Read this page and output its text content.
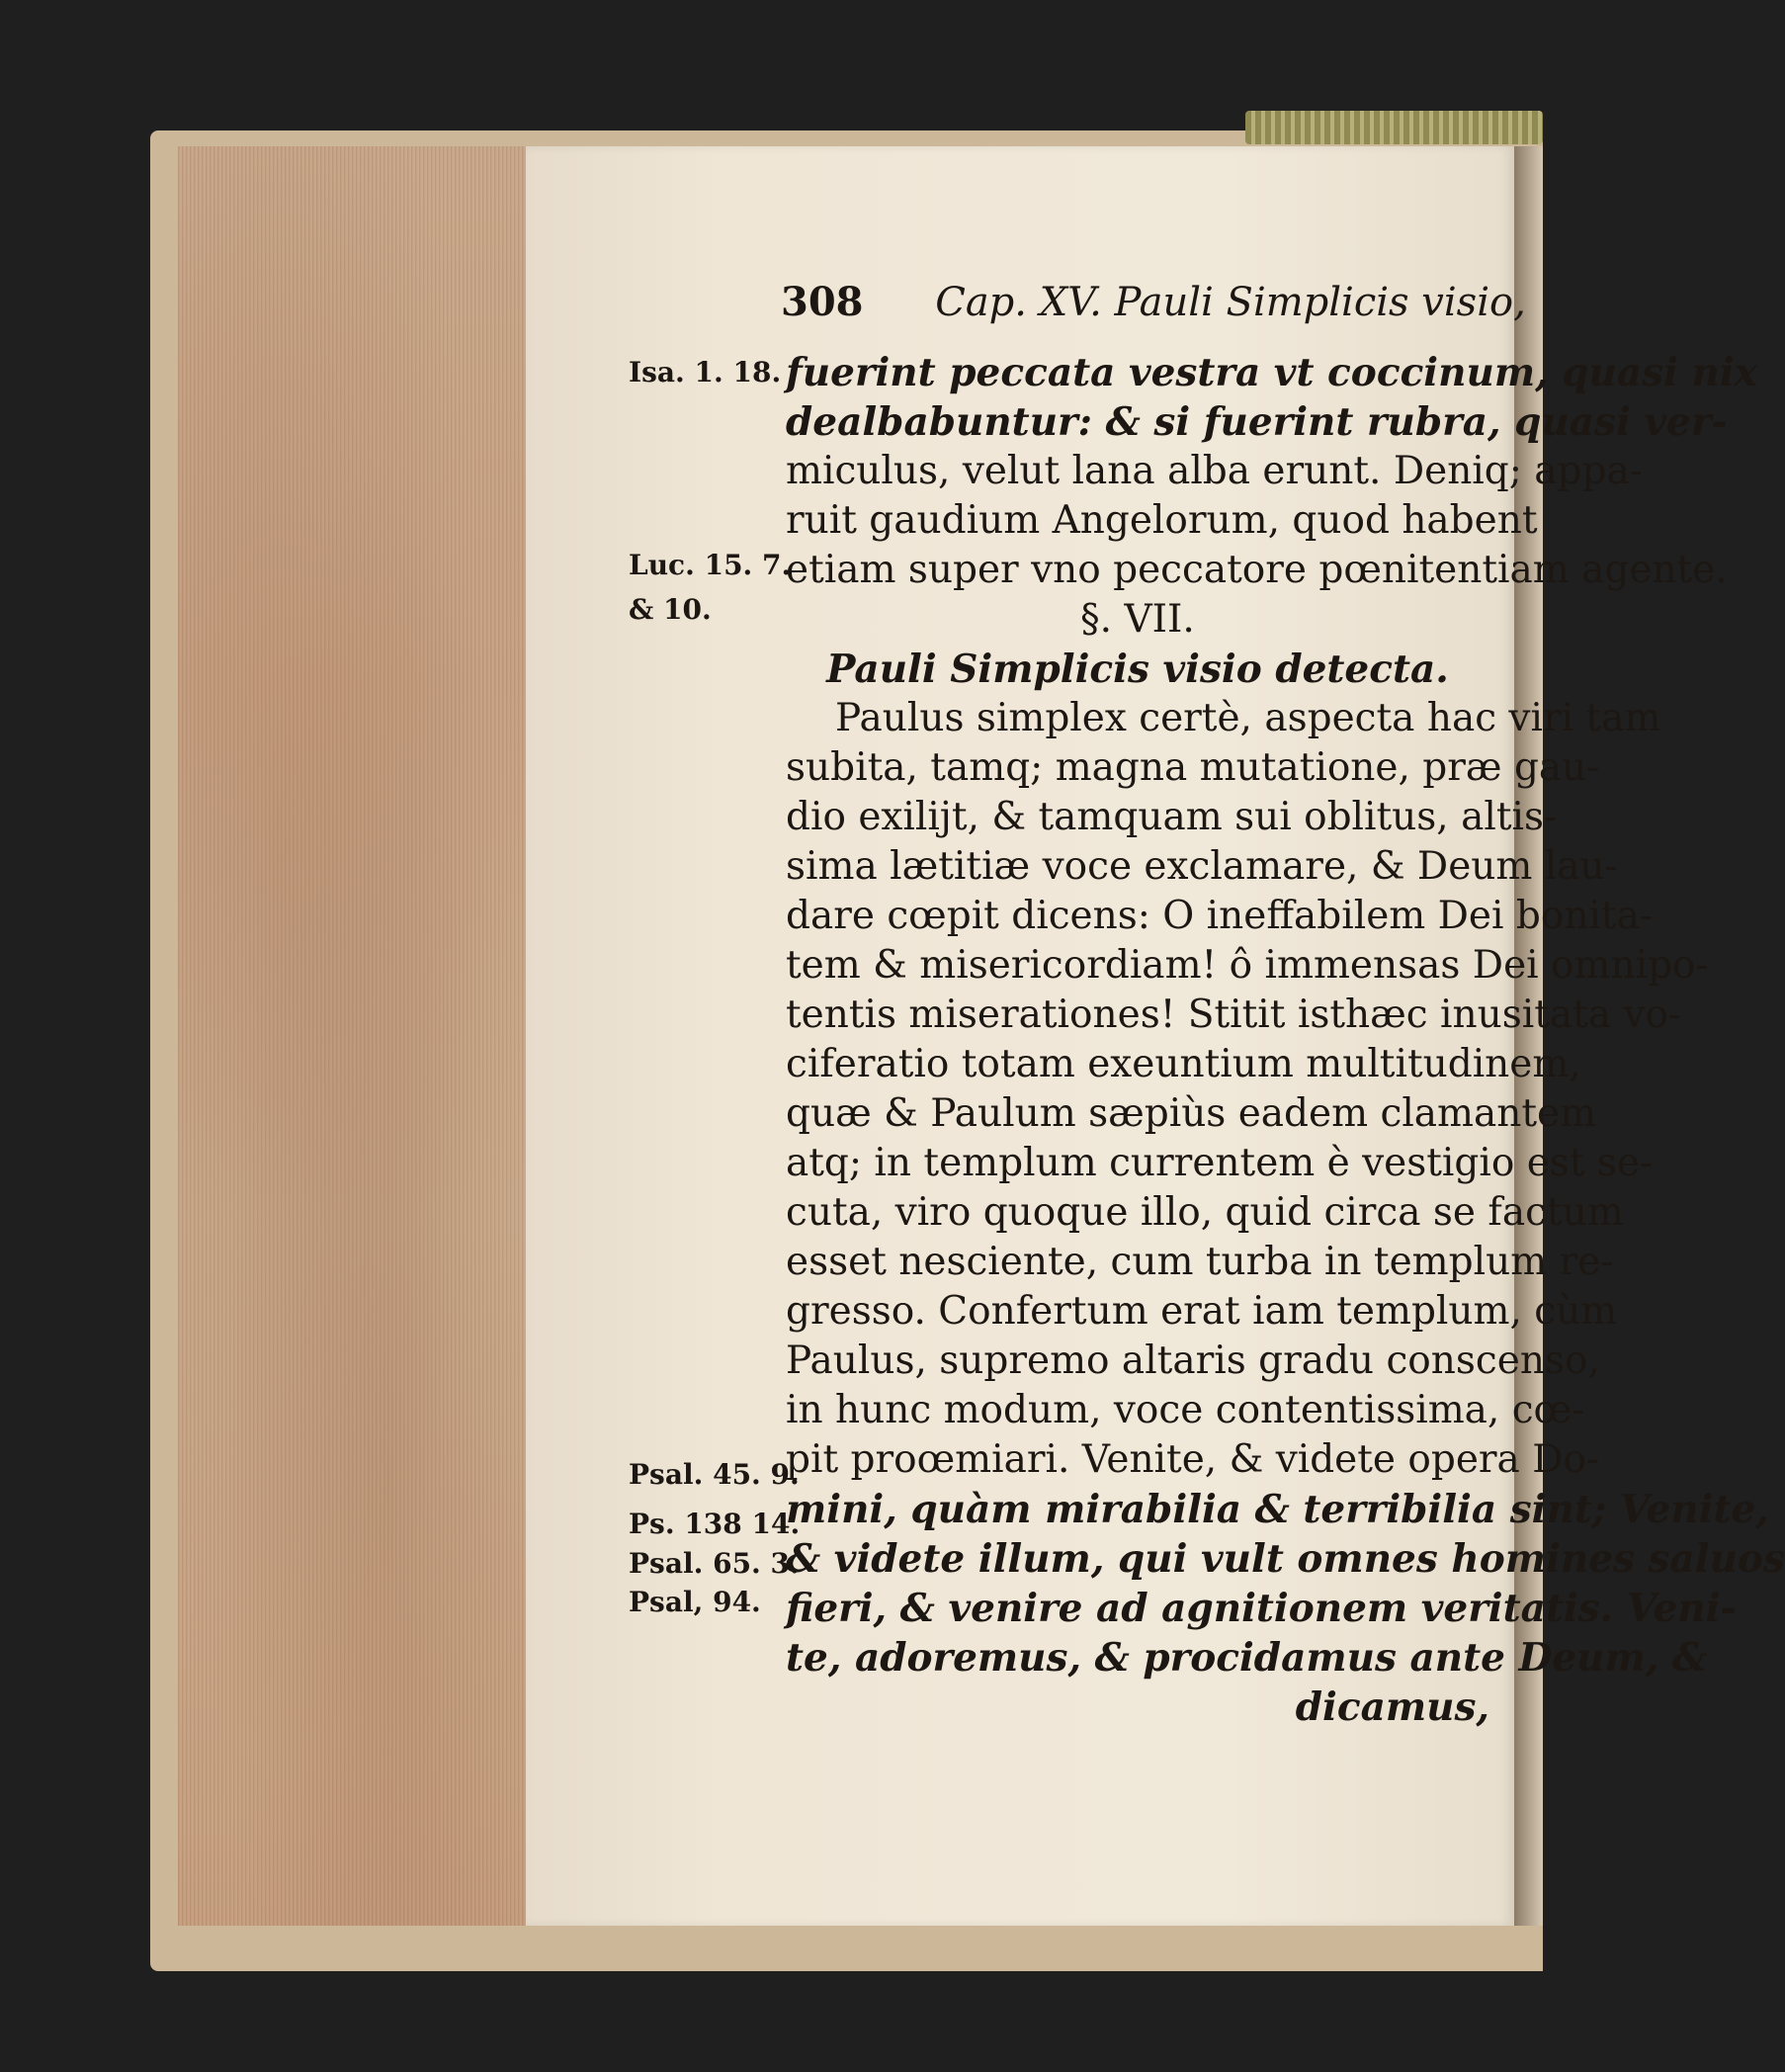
308 Cap. XV. Pauli Simplicis visio,
Isa. 1. 18.
Luc. 15. 7.
& 10.
Psal. 45. 9.
Ps. 138 14.
Psal. 65. 3.
Psal, 94.
fuerint peccata vestra vt coccinum, quasi nix
dealbabuntur: & si fuerint rubra, quasi ver-
miculus, velut lana alba erunt. Deniq; appa-
ruit gaudium Angelorum, quod habent
etiam super vno peccatore pœnitentiam agente.
§. VII.
Pauli Simplicis visio detecta.
Paulus simplex certè, aspecta hac viri tam
subita, tamq; magna mutatione, præ gau-
dio exilijt, & tamquam sui oblitus, altis-
sima lætitiæ voce exclamare, & Deum lau-
dare cœpit dicens: O ineffabilem Dei bonita-
tem & misericordiam! ô immensas Dei omnipo-
tentis miserationes! Stitit isthæc inusitata vo-
ciferatio totam exeuntium multitudinem,
quæ & Paulum sæpiùs eadem clamantem
atq; in templum currentem è vestigio est se-
cuta, viro quoque illo, quid circa se factum
esset nesciente, cum turba in templum re-
gresso. Confertum erat iam templum, cùm
Paulus, supremo altaris gradu conscenso,
in hunc modum, voce contentissima, cœ-
pit proœmiari. Venite, & videte opera Do-
mini, quàm mirabilia & terribilia sint; Venite,
& videte illum, qui vult omnes homines saluos
fieri, & venire ad agnitionem veritatis. Veni-
te, adoremus, & procidamus ante Deum, &
dicamus,
